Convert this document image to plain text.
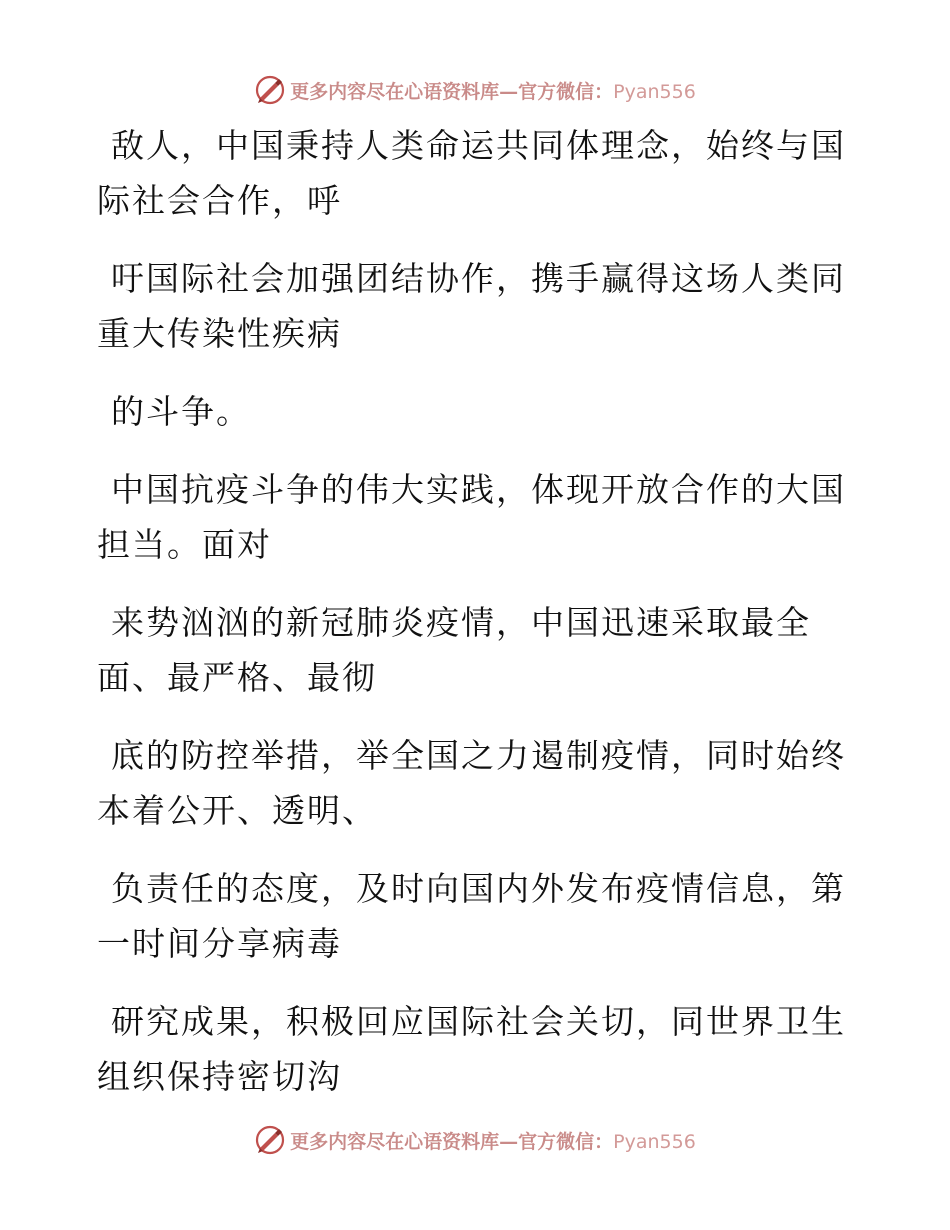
更多内容尽在心语资料库—官方微信：Pyan556

敌人，中国秉持人类命运共同体理念，始终与国
际社会合作，呼

吁国际社会加强团结协作，携手赢得这场人类同
重大传染性疾病

的斗争。

中国抗疫斗争的伟大实践，体现开放合作的大国
担当。面对

来势汹汹的新冠肺炎疫情，中国迅速采取最全
面、最严格、最彻

底的防控举措，举全国之力遏制疫情，同时始终
本着公开、透明、

负责任的态度，及时向国内外发布疫情信息，第
一时间分享病毒

研究成果，积极回应国际社会关切，同世界卫生
组织保持密切沟

更多内容尽在心语资料库—官方微信：Pyan556
